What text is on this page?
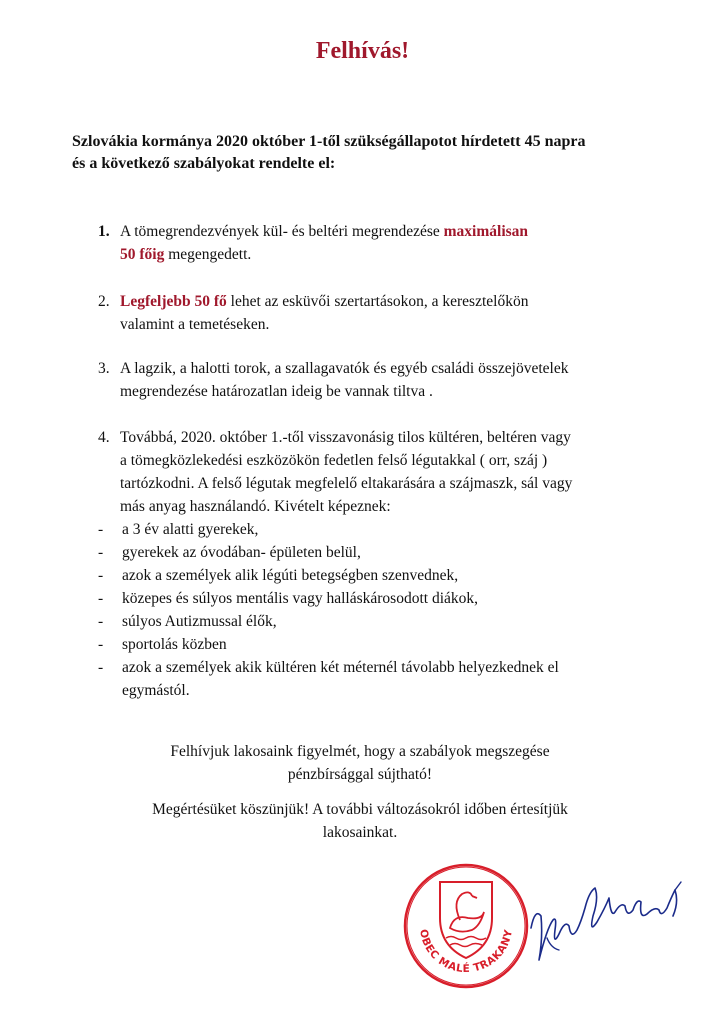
Felhívás!
Szlovákia kormánya 2020 október 1-től szükségállapotot hírdetett 45 napra
és a következő szabályokat rendelte el:
1. A tömegrendezvények kül- és beltéri megrendezése maximálisan
50 főig megengedett.
2. Legfeljebb 50 fő lehet az esküvői szertartásokon, a keresztelőkön
valamint a temetéseken.
3. A lagzik, a halotti torok, a szallagavatók és egyéb családi összejövetelek
megrendezése határozatlan ideig be vannak tiltva .
4. Továbbá, 2020. október 1.-től visszavonásig tilos kültéren, beltéren vagy
a tömegközlekedési eszközökön fedetlen felső légutakkal ( orr, száj )
tartózkodni. A felső légutak megfelelő eltakarására a szájmaszk, sál vagy
más anyag használandó. Kivételt képeznek:
- a 3 év alatti gyerekek,
- gyerekek az óvodában- épületen belül,
- azok a személyek alik légúti betegségben szenvednek,
- közepes és súlyos mentális vagy halláskárosodott diákok,
- súlyos Autizmussal élők,
- sportolás közben
- azok a személyek akik kültéren két méternél távolabb helyezkednek el egymástól.
Felhívjuk lakosaink figyelmét, hogy a szabályok megszegése pénzbírsággal sújtható!
Megértésüket köszünjük! A további változásokról időben értesítjük lakosainkat.
OBEC MALÉ TRAKANY
